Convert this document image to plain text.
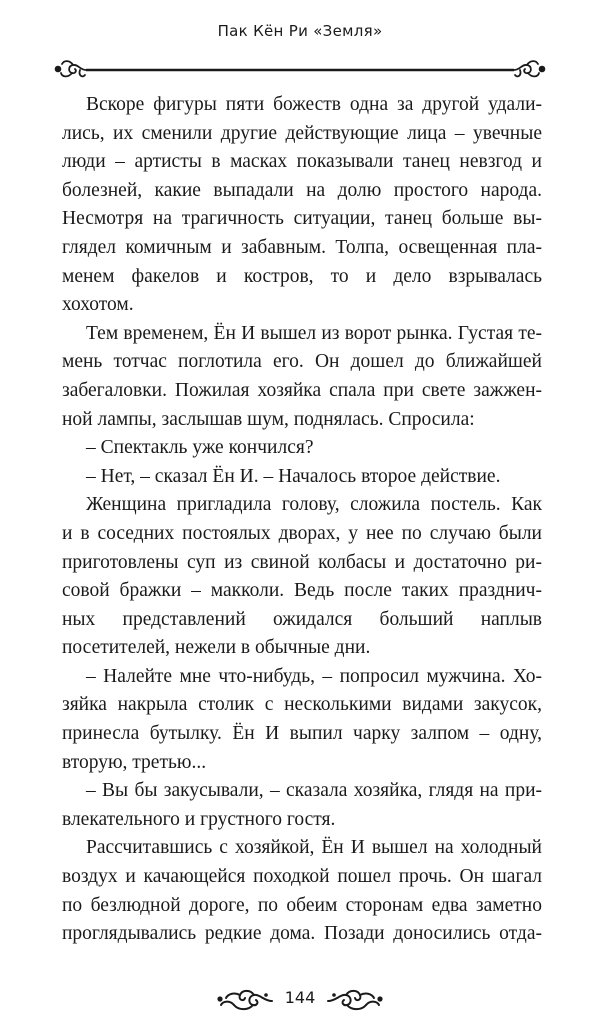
Пак Кён Ри «Земля»
Вскоре фигуры пяти божеств одна за другой удали-
лись, их сменили другие действующие лица – увечные
люди – артисты в масках показывали танец невзгод и
болезней, какие выпадали на долю простого народа.
Несмотря на трагичность ситуации, танец больше вы-
глядел комичным и забавным. Толпа, освещенная пла-
менем факелов и костров, то и дело взрывалась
хохотом.
Тем временем, Ён И вышел из ворот рынка. Густая те-
мень тотчас поглотила его. Он дошел до ближайшей
забегаловки. Пожилая хозяйка спала при свете зажжен-
ной лампы, заслышав шум, поднялась. Спросила:
– Спектакль уже кончился?
– Нет, – сказал Ён И. – Началось второе действие.
Женщина пригладила голову, сложила постель. Как
и в соседних постоялых дворах, у нее по случаю были
приготовлены суп из свиной колбасы и достаточно ри-
совой бражки – макколи. Ведь после таких празднич-
ных представлений ожидался больший наплыв
посетителей, нежели в обычные дни.
– Налейте мне что-нибудь, – попросил мужчина. Хо-
зяйка накрыла столик с несколькими видами закусок,
принесла бутылку. Ён И выпил чарку залпом – одну,
вторую, третью...
– Вы бы закусывали, – сказала хозяйка, глядя на при-
влекательного и грустного гостя.
Рассчитавшись с хозяйкой, Ён И вышел на холодный
воздух и качающейся походкой пошел прочь. Он шагал
по безлюдной дороге, по обеим сторонам едва заметно
проглядывались редкие дома. Позади доносились отда-
144
